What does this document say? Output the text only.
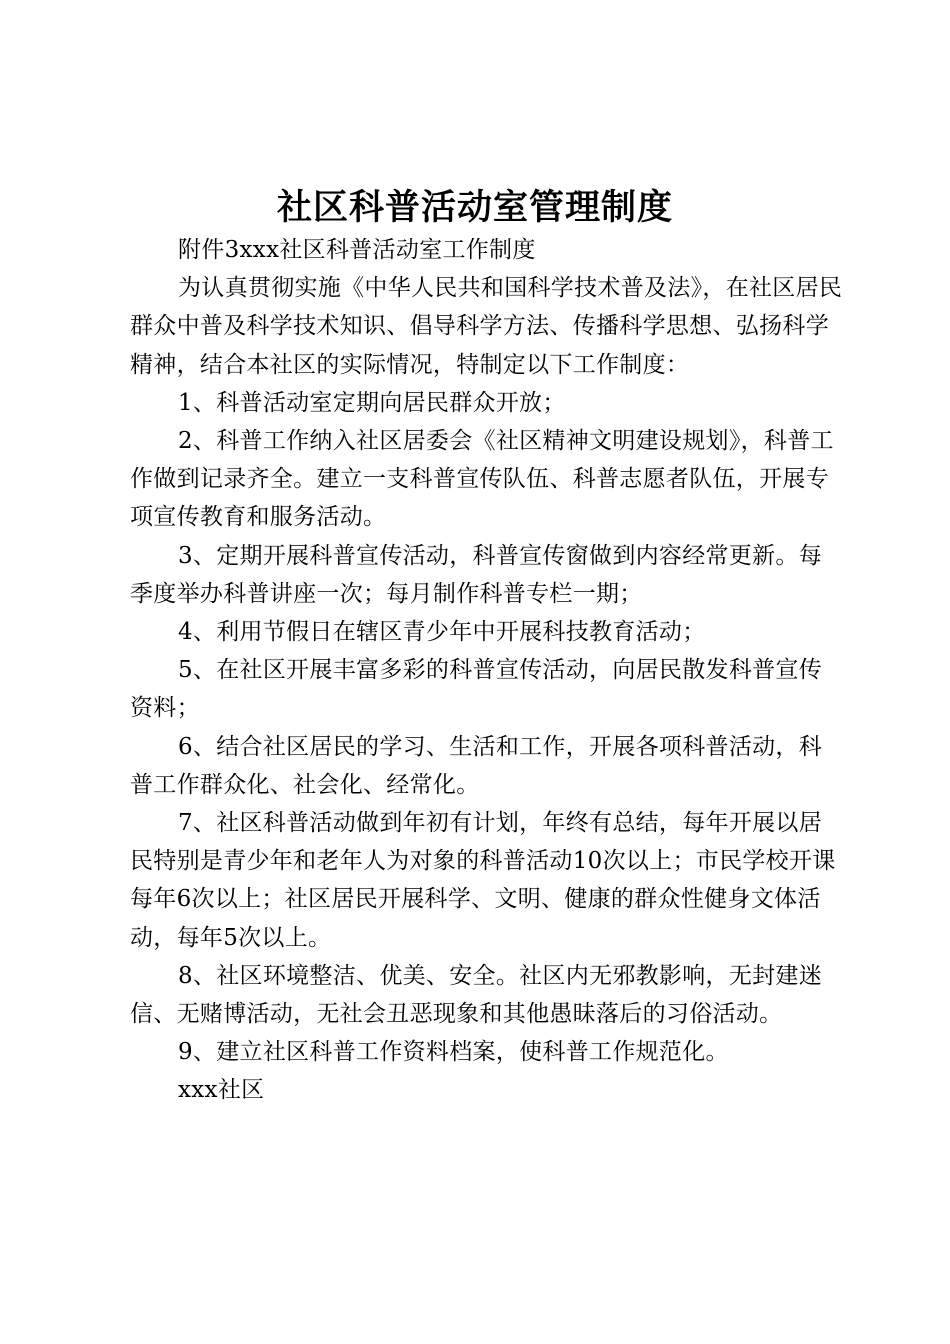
社区科普活动室管理制度

附件3xxx社区科普活动室工作制度

为认真贯彻实施《中华人民共和国科学技术普及法》，在社区居民群众中普及科学技术知识、倡导科学方法、传播科学思想、弘扬科学精神，结合本社区的实际情况，特制定以下工作制度：

1、科普活动室定期向居民群众开放；

2、科普工作纳入社区居委会《社区精神文明建设规划》，科普工作做到记录齐全。建立一支科普宣传队伍、科普志愿者队伍，开展专项宣传教育和服务活动。

3、定期开展科普宣传活动，科普宣传窗做到内容经常更新。每季度举办科普讲座一次；每月制作科普专栏一期；

4、利用节假日在辖区青少年中开展科技教育活动；

5、在社区开展丰富多彩的科普宣传活动，向居民散发科普宣传资料；

6、结合社区居民的学习、生活和工作，开展各项科普活动，科普工作群众化、社会化、经常化。

7、社区科普活动做到年初有计划，年终有总结，每年开展以居民特别是青少年和老年人为对象的科普活动10次以上；市民学校开课每年6次以上；社区居民开展科学、文明、健康的群众性健身文体活动，每年5次以上。

8、社区环境整洁、优美、安全。社区内无邪教影响，无封建迷信、无赌博活动，无社会丑恶现象和其他愚昧落后的习俗活动。

9、建立社区科普工作资料档案，使科普工作规范化。

xxx社区
